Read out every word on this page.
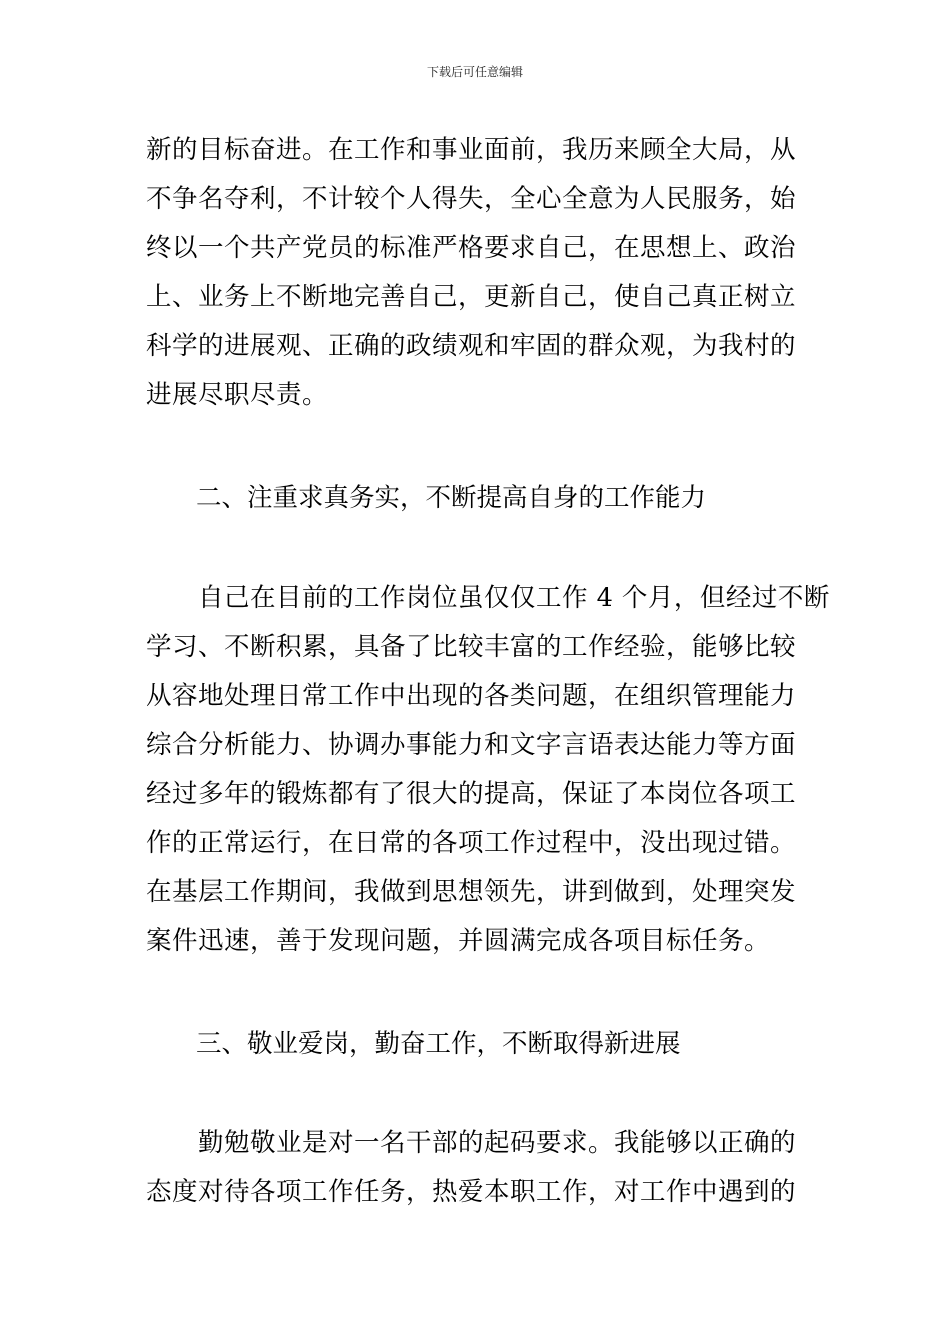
下载后可任意编辑
新的目标奋进。在工作和事业面前，我历来顾全大局，从
不争名夺利，不计较个人得失，全心全意为人民服务，始
终以一个共产党员的标准严格要求自己，在思想上、政治
上、业务上不断地完善自己，更新自己，使自己真正树立
科学的进展观、正确的政绩观和牢固的群众观，为我村的
进展尽职尽责。
二、注重求真务实，不断提高自身的工作能力
　　自己在目前的工作岗位虽仅仅工作 4 个月，但经过不断
学习、不断积累，具备了比较丰富的工作经验，能够比较
从容地处理日常工作中出现的各类问题，在组织管理能力
综合分析能力、协调办事能力和文字言语表达能力等方面
经过多年的锻炼都有了很大的提高，保证了本岗位各项工
作的正常运行，在日常的各项工作过程中，没出现过错。
在基层工作期间，我做到思想领先，讲到做到，处理突发
案件迅速，善于发现问题，并圆满完成各项目标任务。
三、敬业爱岗，勤奋工作，不断取得新进展
　　勤勉敬业是对一名干部的起码要求。我能够以正确的
态度对待各项工作任务，热爱本职工作，对工作中遇到的
